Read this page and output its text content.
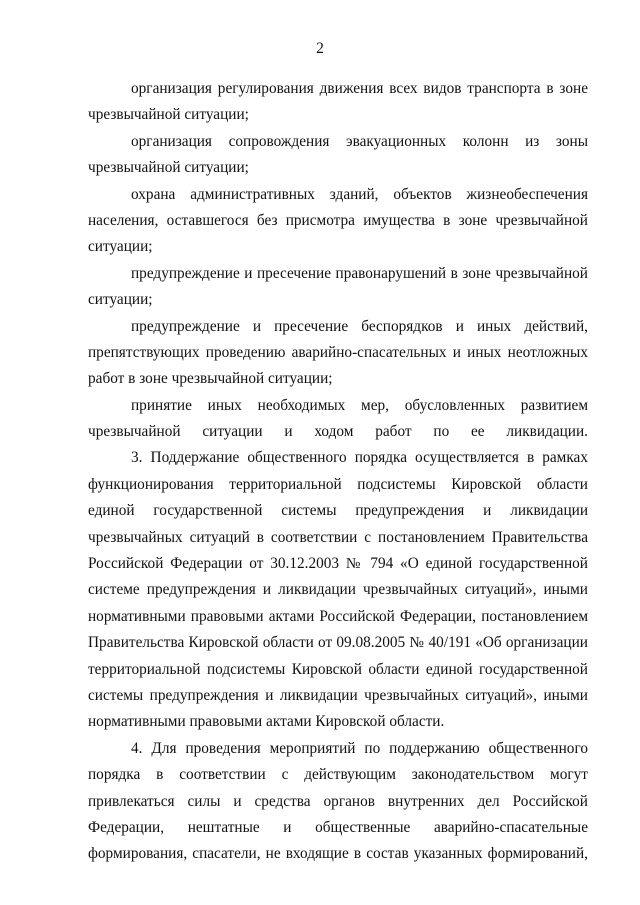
2
организация регулирования движения всех видов транспорта в зоне
чрезвычайной ситуации;
организация сопровождения эвакуационных колонн из зоны
чрезвычайной ситуации;
охрана административных зданий, объектов жизнеобеспечения
населения, оставшегося без присмотра имущества в зоне чрезвычайной
ситуации;
предупреждение и пресечение правонарушений в зоне чрезвычайной
ситуации;
предупреждение и пресечение беспорядков и иных действий,
препятствующих проведению аварийно-спасательных и иных неотложных
работ в зоне чрезвычайной ситуации;
принятие иных необходимых мер, обусловленных развитием
чрезвычайной ситуации и ходом работ по ее ликвидации.
3. Поддержание общественного порядка осуществляется в рамках
функционирования территориальной подсистемы Кировской области
единой государственной системы предупреждения и ликвидации
чрезвычайных ситуаций в соответствии с постановлением Правительства
Российской Федерации от 30.12.2003 № 794 «О единой государственной
системе предупреждения и ликвидации чрезвычайных ситуаций», иными
нормативными правовыми актами Российской Федерации, постановлением
Правительства Кировской области от 09.08.2005 № 40/191 «Об организации
территориальной подсистемы Кировской области единой государственной
системы предупреждения и ликвидации чрезвычайных ситуаций», иными
нормативными правовыми актами Кировской области.
4. Для проведения мероприятий по поддержанию общественного
порядка в соответствии с действующим законодательством могут
привлекаться силы и средства органов внутренних дел Российской
Федерации, нештатные и общественные аварийно-спасательные
формирования, спасатели, не входящие в состав указанных формирований,
